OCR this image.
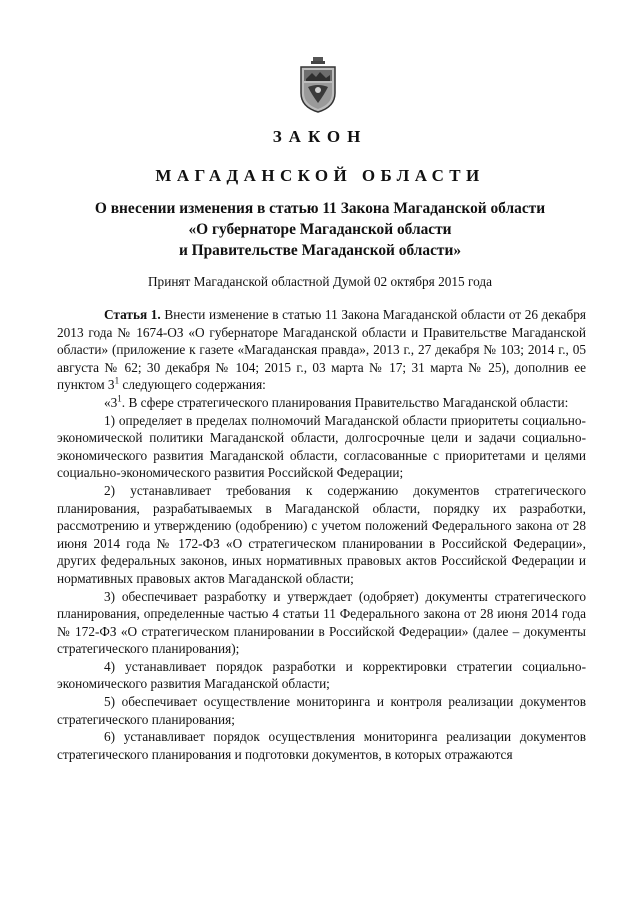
ЗАКОН
МАГАДАНСКОЙ ОБЛАСТИ
О внесении изменения в статью 11 Закона Магаданской области
«О губернаторе Магаданской области
и Правительстве Магаданской области»
Принят Магаданской областной Думой 02 октября 2015 года

Статья 1. Внести изменение в статью 11 Закона Магаданской области от 26 декабря 2013 года № 1674-ОЗ «О губернаторе Магаданской области и Правительстве Магаданской области» (приложение к газете «Магаданская правда», 2013 г., 27 декабря № 103; 2014 г., 05 августа № 62; 30 декабря № 104; 2015 г., 03 марта № 17; 31 марта № 25), дополнив ее пунктом $3^1$ следующего содержания:

«$3^1$. В сфере стратегического планирования Правительство Магаданской области:

1) определяет в пределах полномочий Магаданской области приоритеты социально-экономической политики Магаданской области, долгосрочные цели и задачи социально-экономического развития Магаданской области, согласованные с приоритетами и целями социально-экономического развития Российской Федерации;

2) устанавливает требования к содержанию документов стратегического планирования, разрабатываемых в Магаданской области, порядку их разработки, рассмотрению и утверждению (одобрению) с учетом положений Федерального закона от 28 июня 2014 года № 172-ФЗ «О стратегическом планировании в Российской Федерации», других федеральных законов, иных нормативных правовых актов Российской Федерации и нормативных правовых актов Магаданской области;

3) обеспечивает разработку и утверждает (одобряет) документы стратегического планирования, определенные частью 4 статьи 11 Федерального закона от 28 июня 2014 года № 172-ФЗ «О стратегическом планировании в Российской Федерации» (далее – документы стратегического планирования);

4) устанавливает порядок разработки и корректировки стратегии социально-экономического развития Магаданской области;

5) обеспечивает осуществление мониторинга и контроля реализации документов стратегического планирования;

6) устанавливает порядок осуществления мониторинга реализации документов стратегического планирования и подготовки документов, в которых отражаются
